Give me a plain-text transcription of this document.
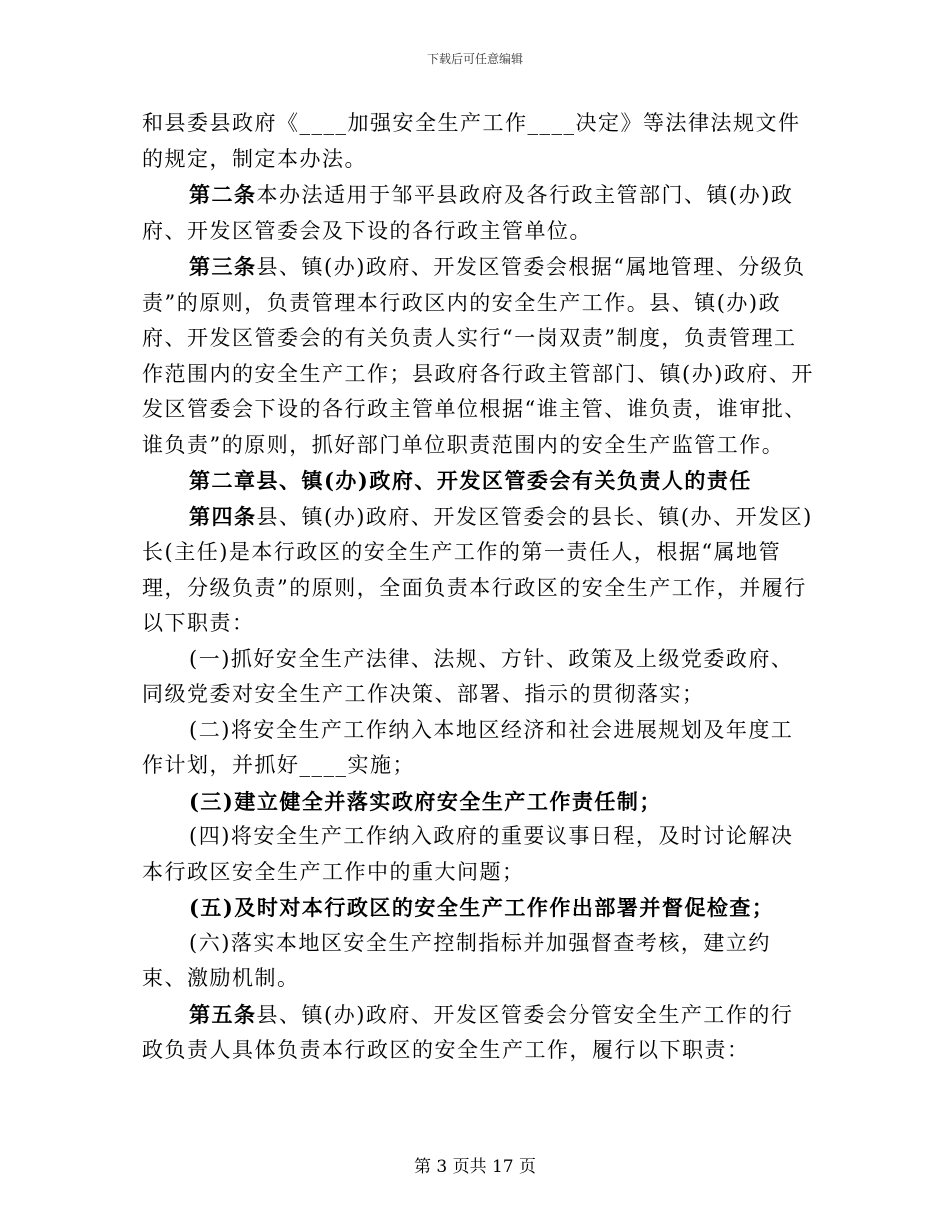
下载后可任意编辑

和县委县政府《____加强安全生产工作____决定》等法律法规文件的规定，制定本办法。

第二条本办法适用于邹平县政府及各行政主管部门、镇(办)政府、开发区管委会及下设的各行政主管单位。

第三条县、镇(办)政府、开发区管委会根据“属地管理、分级负责”的原则，负责管理本行政区内的安全生产工作。县、镇(办)政府、开发区管委会的有关负责人实行“一岗双责”制度，负责管理工作范围内的安全生产工作；县政府各行政主管部门、镇(办)政府、开发区管委会下设的各行政主管单位根据“谁主管、谁负责，谁审批、谁负责”的原则，抓好部门单位职责范围内的安全生产监管工作。

第二章县、镇(办)政府、开发区管委会有关负责人的责任

第四条县、镇(办)政府、开发区管委会的县长、镇(办、开发区)长(主任)是本行政区的安全生产工作的第一责任人，根据“属地管理，分级负责”的原则，全面负责本行政区的安全生产工作，并履行以下职责：

(一)抓好安全生产法律、法规、方针、政策及上级党委政府、同级党委对安全生产工作决策、部署、指示的贯彻落实；

(二)将安全生产工作纳入本地区经济和社会进展规划及年度工作计划，并抓好____实施；

(三)建立健全并落实政府安全生产工作责任制；

(四)将安全生产工作纳入政府的重要议事日程，及时讨论解决本行政区安全生产工作中的重大问题；

(五)及时对本行政区的安全生产工作作出部署并督促检查；

(六)落实本地区安全生产控制指标并加强督查考核，建立约束、激励机制。

第五条县、镇(办)政府、开发区管委会分管安全生产工作的行政负责人具体负责本行政区的安全生产工作，履行以下职责：

第 3 页共 17 页
